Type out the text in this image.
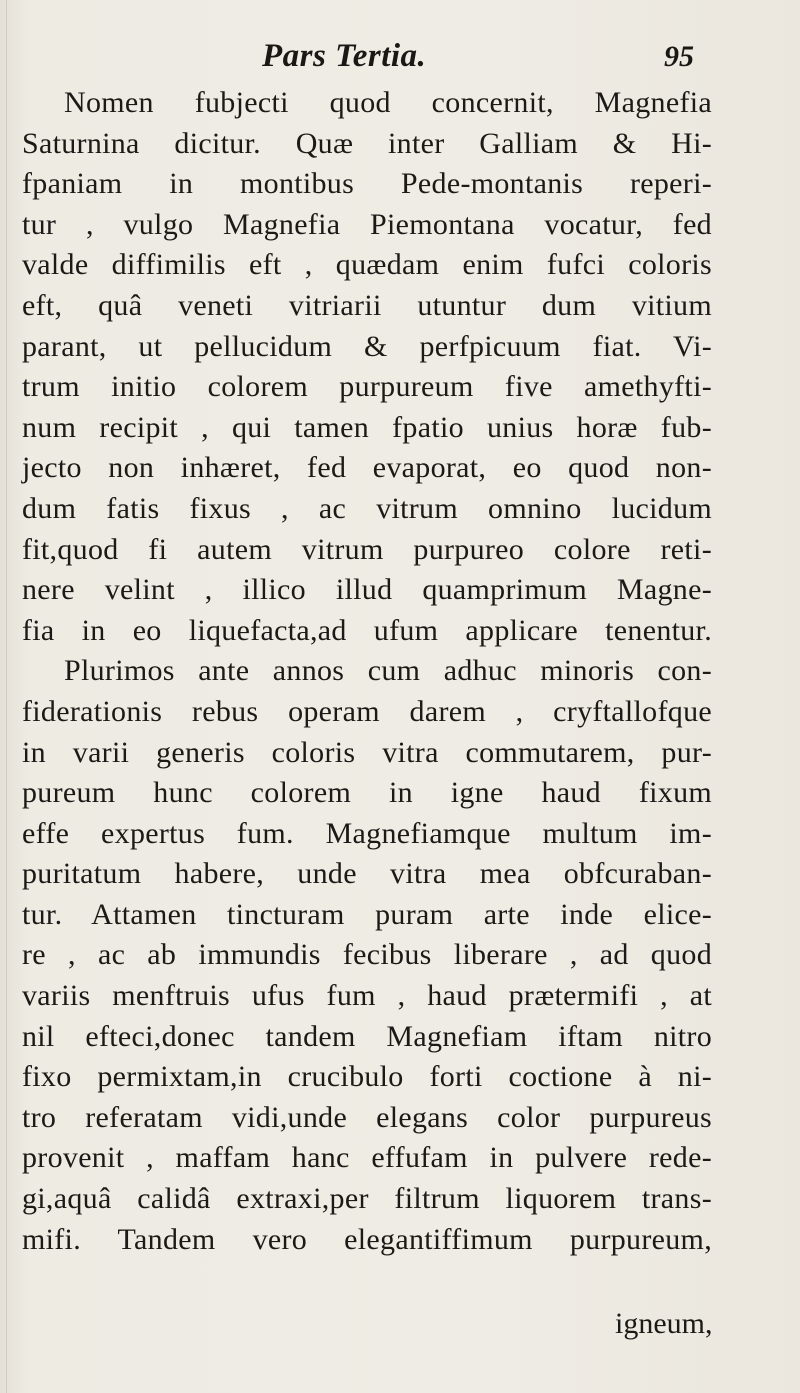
Pars Tertia.	95
Nomen fubjecti quod concernit, Magnefia
Saturnina dicitur. Quæ inter Galliam & Hi-
fpaniam in montibus Pede-montanis reperi-
tur , vulgo Magnefia Piemontana vocatur, fed
valde diffimilis eft , quædam enim fufci coloris
eft, quâ veneti vitriarii utuntur dum vitium
parant, ut pellucidum & perfpicuum fiat. Vi-
trum initio colorem purpureum five amethyfti-
num recipit , qui tamen fpatio unius horæ fub-
jecto non inhæret, fed evaporat, eo quod non-
dum fatis fixus , ac vitrum omnino lucidum
fit,quod fi autem vitrum purpureo colore reti-
nere velint , illico illud quamprimum Magne-
fia in eo liquefacta,ad ufum applicare tenentur.
Plurimos ante annos cum adhuc minoris con-
fiderationis rebus operam darem , cryftallofque
in varii generis coloris vitra commutarem, pur-
pureum hunc colorem in igne haud fixum
effe expertus fum. Magnefiamque multum im-
puritatum habere, unde vitra mea obfcuraban-
tur. Attamen tincturam puram arte inde elice-
re , ac ab immundis fecibus liberare , ad quod
variis menftruis ufus fum , haud prætermifi , at
nil efteci,donec tandem Magnefiam iftam nitro
fixo permixtam,in crucibulo forti coctione à ni-
tro referatam vidi,unde elegans color purpureus
provenit , maffam hanc effufam in pulvere rede-
gi,aquâ calidâ extraxi,per filtrum liquorem trans-
mifi. Tandem vero elegantiffimum purpureum,
igneum,
